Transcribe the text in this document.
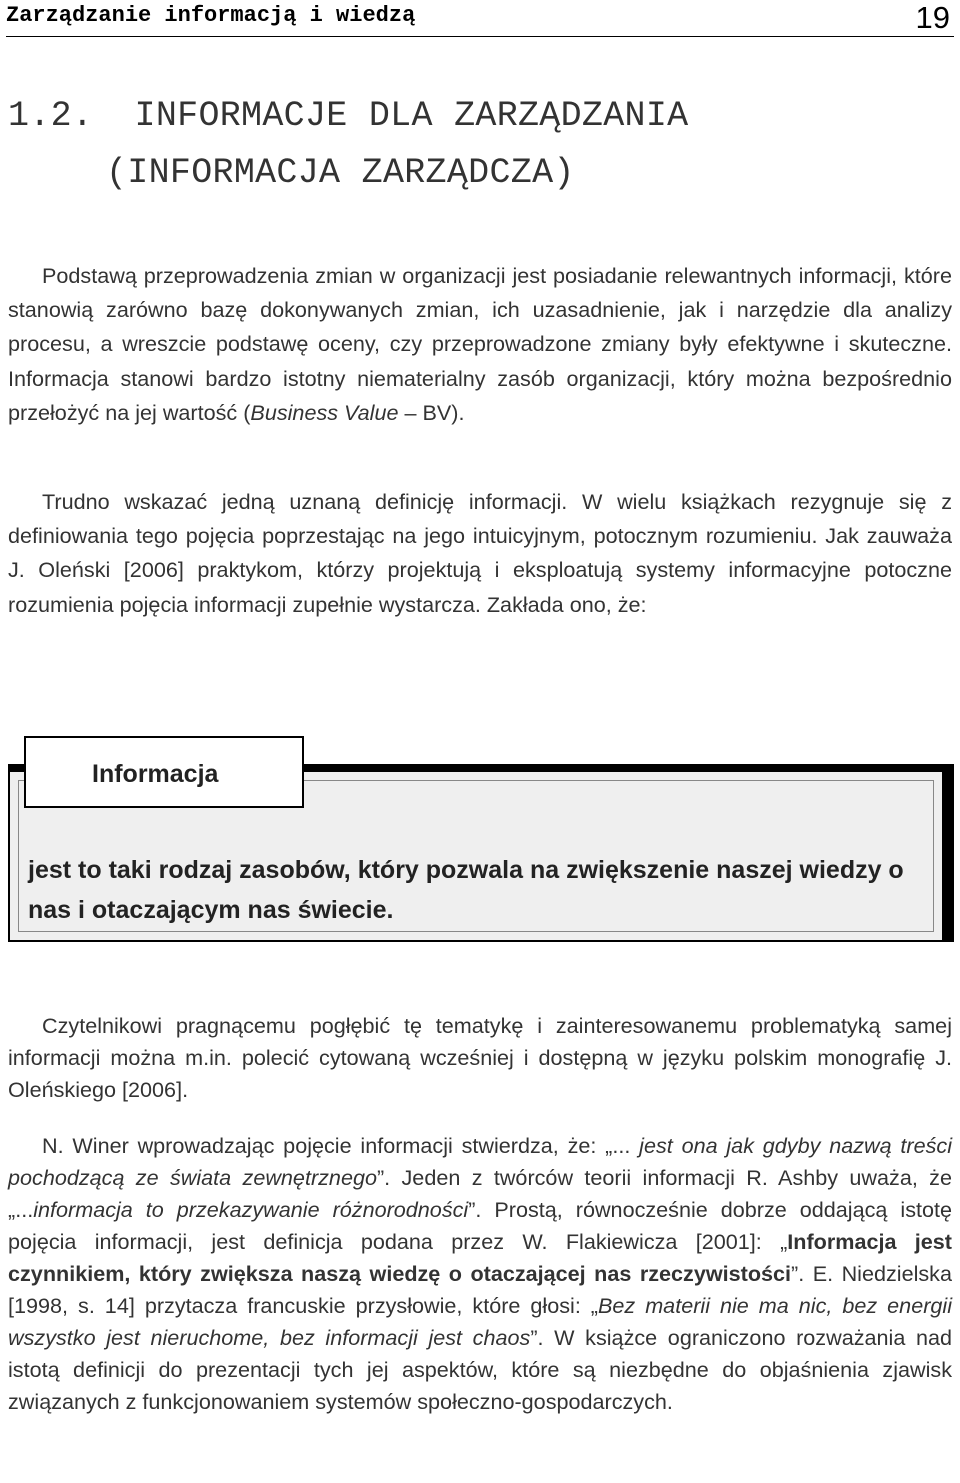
Zarządzanie informacją i wiedzą	19
1.2. INFORMACJE DLA ZARZĄDZANIA
(INFORMACJA ZARZĄDCZA)

Podstawą przeprowadzenia zmian w organizacji jest posiadanie relewantnych informacji, które stanowią zarówno bazę dokonywanych zmian, ich uzasadnienie, jak i narzędzie dla analizy procesu, a wreszcie podstawę oceny, czy przeprowadzone zmiany były efektywne i skuteczne. Informacja stanowi bardzo istotny niematerialny zasób organizacji, który można bezpośrednio przełożyć na jej wartość (Business Value – BV).

Trudno wskazać jedną uznaną definicję informacji. W wielu książkach rezygnuje się z definiowania tego pojęcia poprzestając na jego intuicyjnym, potocznym rozumieniu. Jak zauważa J. Oleński [2006] praktykom, którzy projektują i eksploatują systemy informacyjne potoczne rozumienia pojęcia informacji zupełnie wystarcza. Zakłada ono, że:

Informacja
jest to taki rodzaj zasobów, który pozwala na zwiększenie naszej wiedzy o nas i otaczającym nas świecie.

Czytelnikowi pragnącemu pogłębić tę tematykę i zainteresowanemu problematyką samej informacji można m.in. polecić cytowaną wcześniej i dostępną w języku polskim monografię J. Oleńskiego [2006].

N. Winer wprowadzając pojęcie informacji stwierdza, że: „... jest ona jak gdyby nazwą treści pochodzącą ze świata zewnętrznego”. Jeden z twórców teorii informacji R. Ashby uważa, że „...informacja to przekazywanie różnorodności”. Prostą, równocześnie dobrze oddającą istotę pojęcia informacji, jest definicja podana przez W. Flakiewicza [2001]: „Informacja jest czynnikiem, który zwiększa naszą wiedzę o otaczającej nas rzeczywistości”. E. Niedzielska [1998, s. 14] przytacza francuskie przysłowie, które głosi: „Bez materii nie ma nic, bez energii wszystko jest nieruchome, bez informacji jest chaos”. W książce ograniczono rozważania nad istotą definicji do prezentacji tych jej aspektów, które są niezbędne do objaśnienia zjawisk związanych z funkcjonowaniem systemów społeczno-gospodarczych.
